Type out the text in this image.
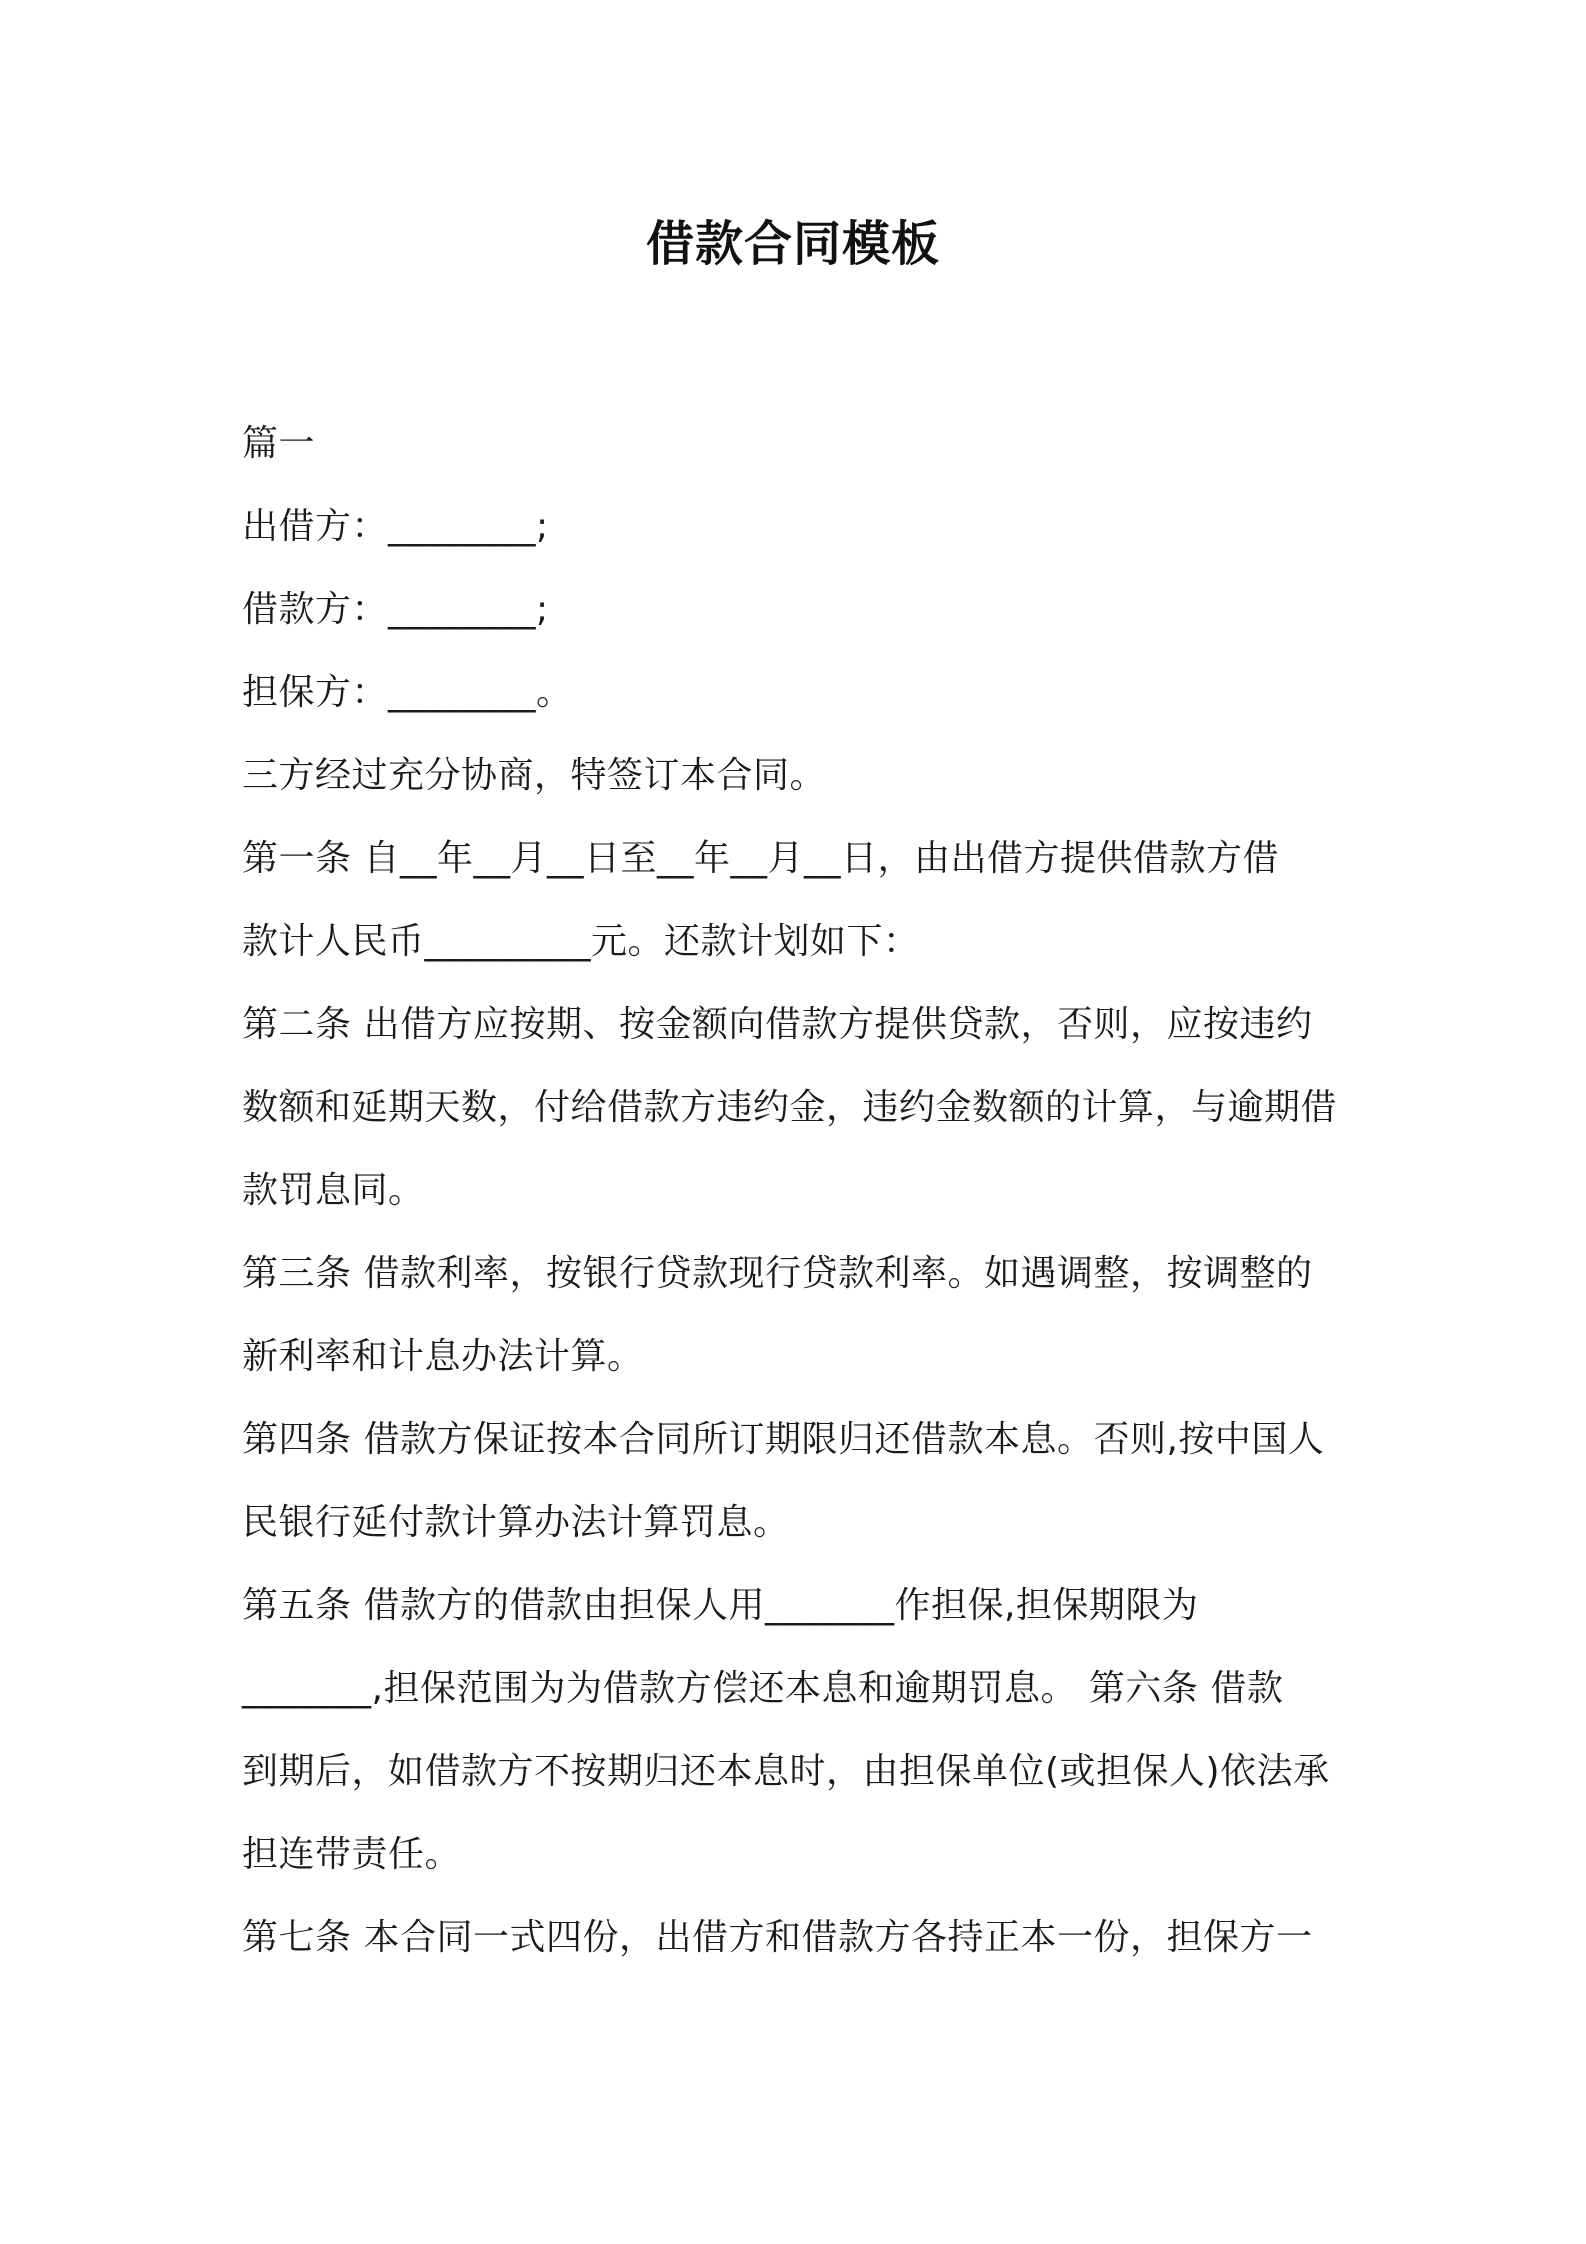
借款合同模板
篇一
出借方：________;
借款方：________;
担保方：________。
三方经过充分协商，特签订本合同。
第一条 自__年__月__日至__年__月__日，由出借方提供借款方借
款计人民币_________元。还款计划如下：
第二条 出借方应按期、按金额向借款方提供贷款，否则，应按违约
数额和延期天数，付给借款方违约金，违约金数额的计算，与逾期借
款罚息同。
第三条 借款利率，按银行贷款现行贷款利率。如遇调整，按调整的
新利率和计息办法计算。
第四条 借款方保证按本合同所订期限归还借款本息。否则,按中国人
民银行延付款计算办法计算罚息。
第五条 借款方的借款由担保人用_______作担保,担保期限为
_______,担保范围为为借款方偿还本息和逾期罚息。 第六条 借款
到期后，如借款方不按期归还本息时，由担保单位(或担保人)依法承
担连带责任。
第七条 本合同一式四份，出借方和借款方各持正本一份，担保方一
